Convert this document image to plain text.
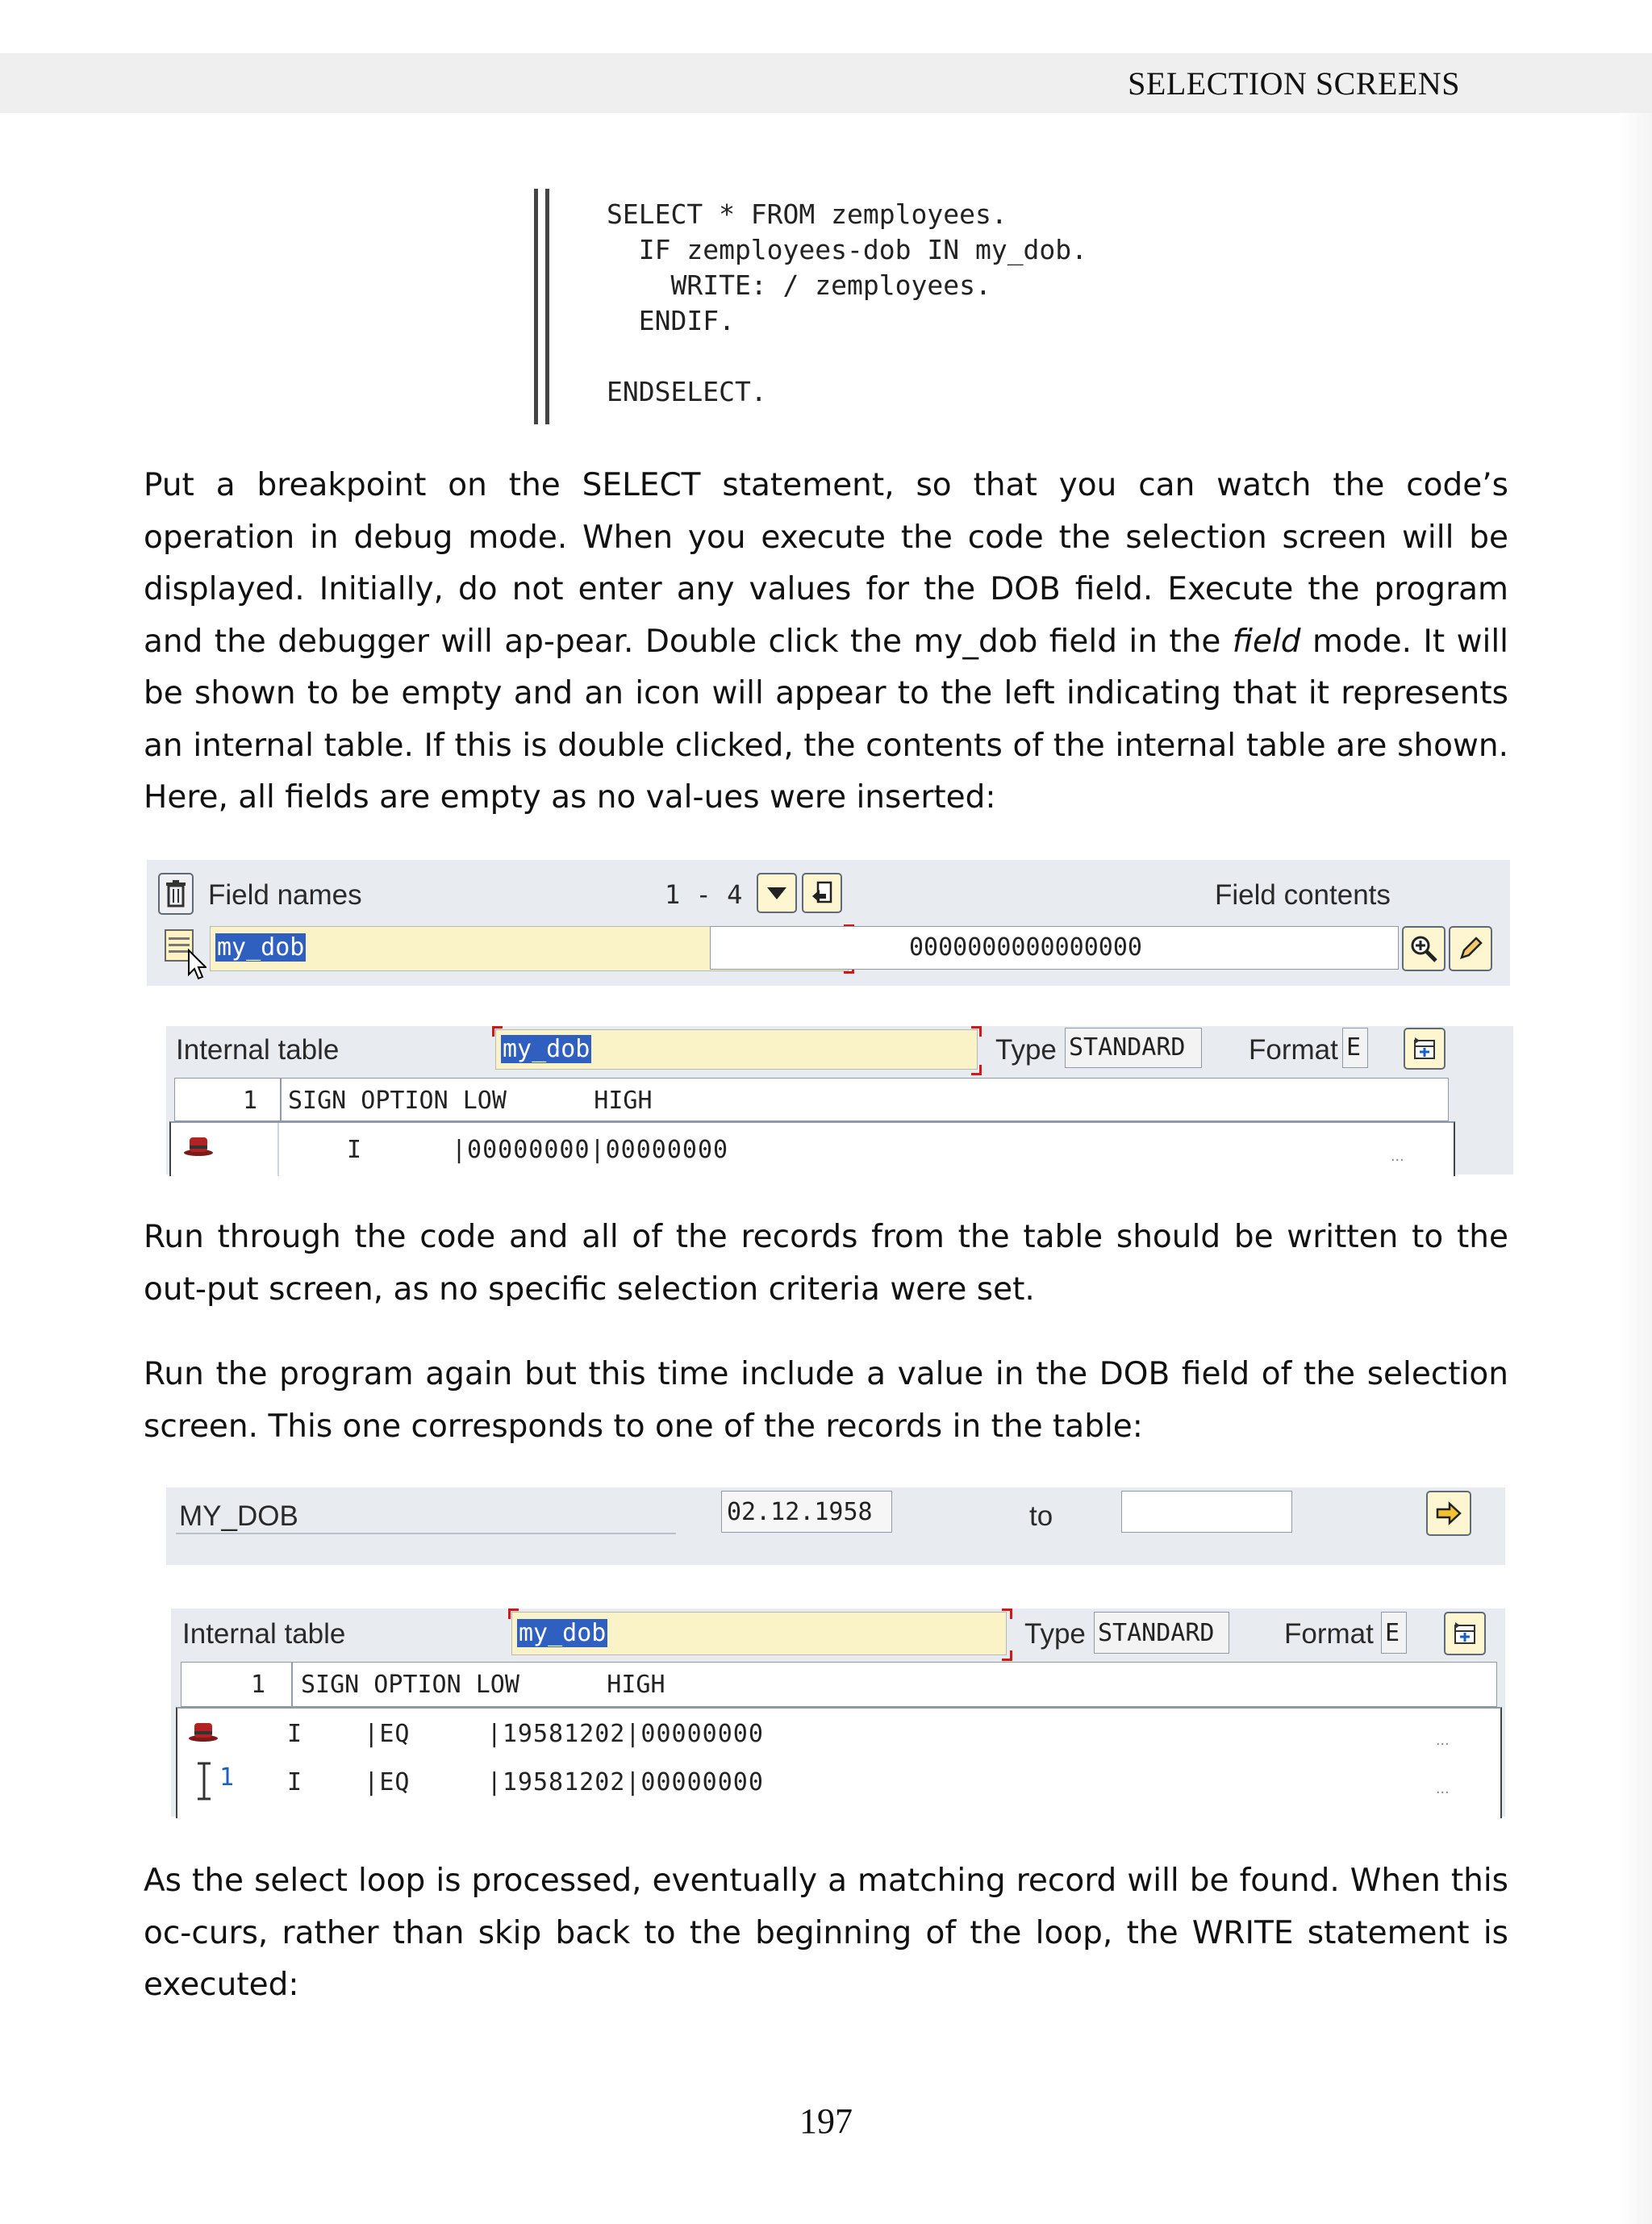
SELECTION SCREENS
SELECT * FROM zemployees.
IF zemployees-dob IN my_dob.
WRITE: / zemployees.
ENDIF.

ENDSELECT.

Put a breakpoint on the SELECT statement, so that you can watch the code’s operation in debug mode. When you execute the code the selection screen will be displayed. Initially, do not enter any values for the DOB field. Execute the program and the debugger will ap-pear. Double click the my_dob field in the field mode. It will be shown to be empty and an icon will appear to the left indicating that it represents an internal table. If this is double clicked, the contents of the internal table are shown. Here, all fields are empty as no val-ues were inserted:

Field names	1 - 4	Field contents
my_dob	0000000000000000
Internal table	my_dob	Type STANDARD Format E
1 SIGN OPTION LOW      HIGH
I	|00000000|00000000	...

Run through the code and all of the records from the table should be written to the out-put screen, as no specific selection criteria were set.

Run the program again but this time include a value in the DOB field of the selection screen. This one corresponds to one of the records in the table:

MY_DOB	02.12.1958	to
Internal table	my_dob	Type STANDARD Format E
1 SIGN OPTION LOW      HIGH
I    |EQ     |19581202|00000000	...
1 I    |EQ     |19581202|00000000	...

As the select loop is processed, eventually a matching record will be found. When this oc-curs, rather than skip back to the beginning of the loop, the WRITE statement is executed:

197
